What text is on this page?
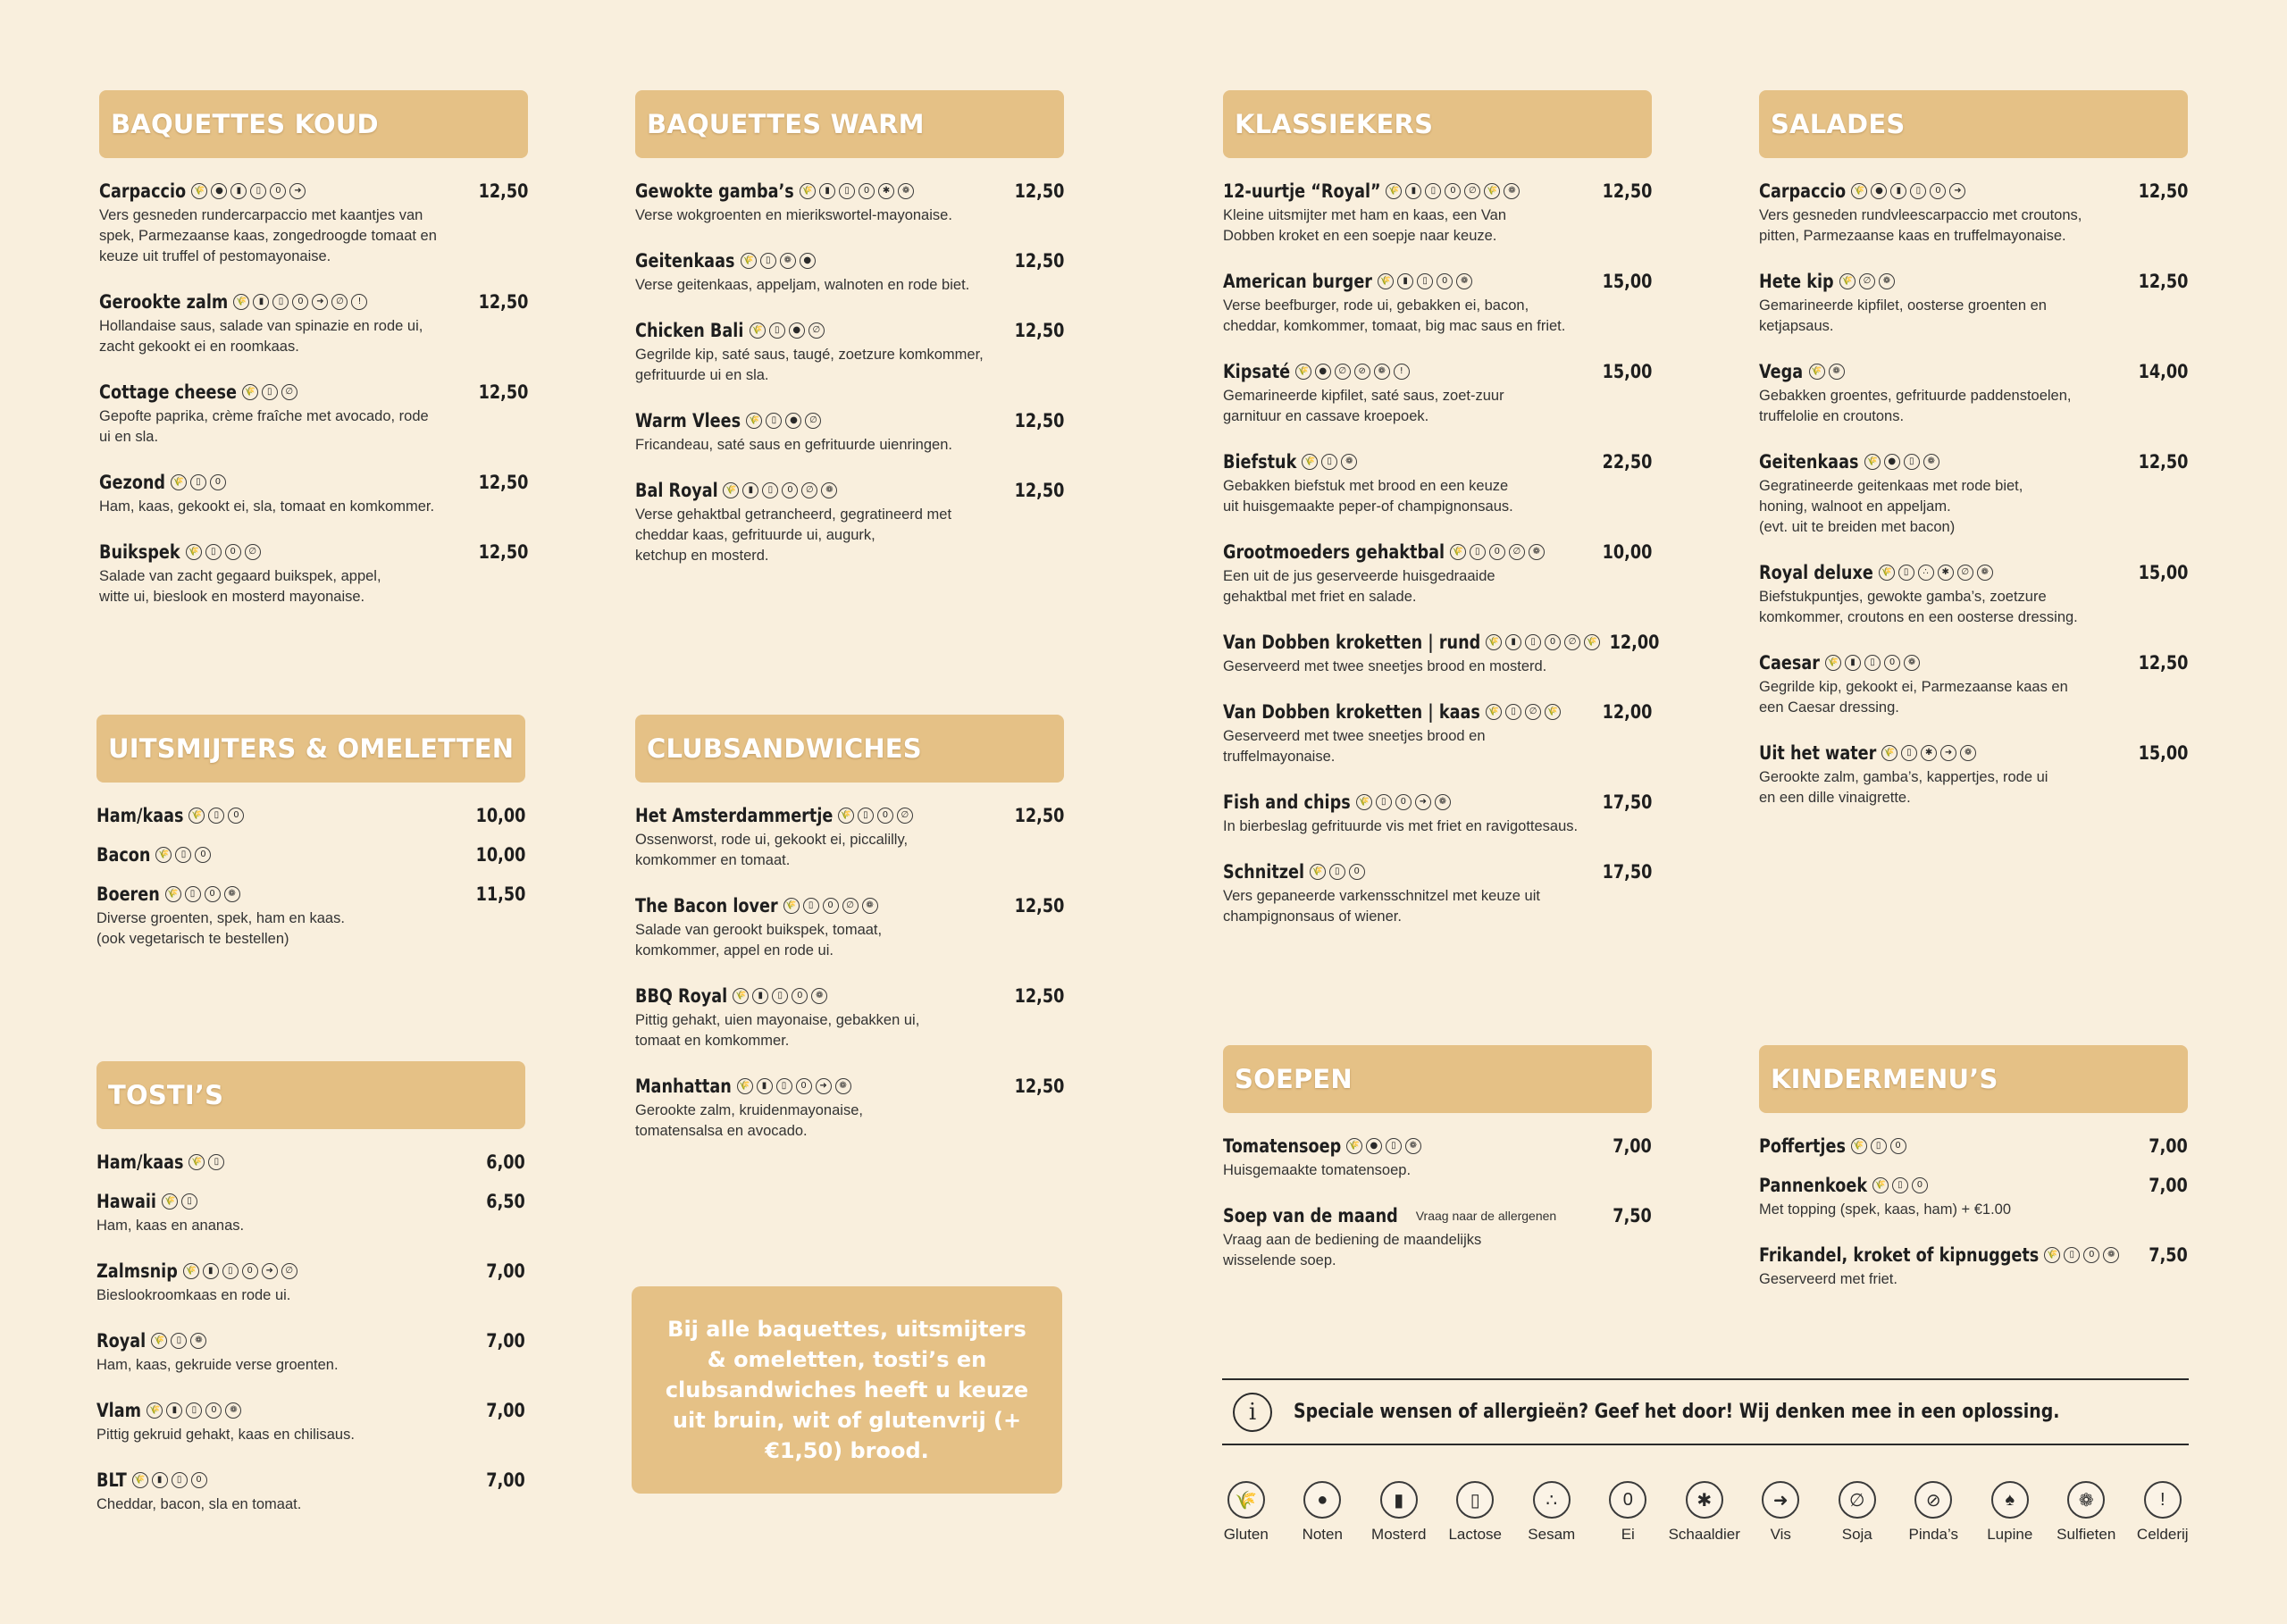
BAQUETTES KOUD
Carpaccio 🌾	●	▮	▯	0	➜	12,50
Vers gesneden rundercarpaccio met kaantjes van
spek, Parmezaanse kaas, zongedroogde tomaat en
keuze uit truffel of pestomayonaise.
Gerookte zalm 🌾	▮	▯	0	➜	∅	!	12,50
Hollandaise saus, salade van spinazie en rode ui,
zacht gekookt ei en roomkaas.
Cottage cheese 🌾	▯	∅	12,50
Gepofte paprika, crème fraîche met avocado, rode
ui en sla.
Gezond 🌾	▯	0	12,50
Ham, kaas, gekookt ei, sla, tomaat en komkommer.
Buikspek 🌾	▯	0	∅	12,50
Salade van zacht gegaard buikspek, appel,
witte ui, bieslook en mosterd mayonaise.
UITSMIJTERS & OMELETTEN
Ham/kaas 🌾	▯	0	10,00
Bacon 🌾	▯	0	10,00
Boeren 🌾	▯	0	❁	11,50
Diverse groenten, spek, ham en kaas.
(ook vegetarisch te bestellen)
TOSTI’S
Ham/kaas 🌾	▯	6,00
Hawaii 🌾	▯	6,50
Ham, kaas en ananas.
Zalmsnip 🌾	▮	▯	0	➜	∅	7,00
Bieslookroomkaas en rode ui.
Royal 🌾	▯	❁	7,00
Ham, kaas, gekruide verse groenten.
Vlam 🌾	▮	▯	0	❁	7,00
Pittig gekruid gehakt, kaas en chilisaus.
BLT 🌾	▮	▯	0	7,00
Cheddar, bacon, sla en tomaat.
BAQUETTES WARM
Gewokte gamba’s 🌾	▮	▯	0	✱	❁	12,50
Verse wokgroenten en mierikswortel-mayonaise.
Geitenkaas 🌾	▯	❁	●	12,50
Verse geitenkaas, appeljam, walnoten en rode biet.
Chicken Bali 🌾	▯	●	∅	12,50
Gegrilde kip, saté saus, taugé, zoetzure komkommer,
gefrituurde ui en sla.
Warm Vlees 🌾	▯	●	∅	12,50
Fricandeau, saté saus en gefrituurde uienringen.
Bal Royal 🌾	▮	▯	0	∅	❁	12,50
Verse gehaktbal getrancheerd, gegratineerd met
cheddar kaas, gefrituurde ui, augurk,
ketchup en mosterd.
CLUBSANDWICHES
Het Amsterdammertje 🌾	▯	0	∅	12,50
Ossenworst, rode ui, gekookt ei, piccalilly,
komkommer en tomaat.
The Bacon lover 🌾	▯	0	∅	❁	12,50
Salade van gerookt buikspek, tomaat,
komkommer, appel en rode ui.
BBQ Royal 🌾	▮	▯	0	❁	12,50
Pittig gehakt, uien mayonaise, gebakken ui,
tomaat en komkommer.
Manhattan 🌾	▮	▯	0	➜	❁	12,50
Gerookte zalm, kruidenmayonaise,
tomatensalsa en avocado.
KLASSIEKERS
12-uurtje “Royal” 🌾	▮	▯	0	∅	🌾	❁	12,50
Kleine uitsmijter met ham en kaas, een Van
Dobben kroket en een soepje naar keuze.
American burger 🌾	▮	▯	0	❁	15,00
Verse beefburger, rode ui, gebakken ei, bacon,
cheddar, komkommer, tomaat, big mac saus en friet.
Kipsaté 🌾	●	∅	⊘	❁	!	15,00
Gemarineerde kipfilet, saté saus, zoet-zuur
garnituur en cassave kroepoek.
Biefstuk 🌾	▯	❁	22,50
Gebakken biefstuk met brood en een keuze
uit huisgemaakte peper-of champignonsaus.
Grootmoeders gehaktbal 🌾	▯	0	∅	❁	10,00
Een uit de jus geserveerde huisgedraaide
gehaktbal met friet en salade.
Van Dobben kroketten | rund 🌾	▮	▯	0	∅	🌾 12,00
Geserveerd met twee sneetjes brood en mosterd.
Van Dobben kroketten | kaas 🌾	▯	∅	🌾 12,00
Geserveerd met twee sneetjes brood en truffelmayonaise.
Fish and chips 🌾	▯	0	➜	❁	17,50
In bierbeslag gefrituurde vis met friet en ravigottesaus.
Schnitzel 🌾	▯	0	17,50
Vers gepaneerde varkensschnitzel met keuze uit
champignonsaus of wiener.
SOEPEN
Tomatensoep 🌾	●	▯	❁	7,00
Huisgemaakte tomatensoep.
Soep van de maand Vraag naar de allergenen	7,50
Vraag aan de bediening de maandelijks
wisselende soep.
SALADES
Carpaccio 🌾	●	▮	▯	0	➜	12,50
Vers gesneden rundvleescarpaccio met croutons,
pitten, Parmezaanse kaas en truffelmayonaise.
Hete kip 🌾	∅	❁	12,50
Gemarineerde kipfilet, oosterse groenten en
ketjapsaus.
Vega 🌾	❁	14,00
Gebakken groentes, gefrituurde paddenstoelen,
truffelolie en croutons.
Geitenkaas 🌾	●	▯	❁	12,50
Gegratineerde geitenkaas met rode biet,
honing, walnoot en appeljam.
(evt. uit te breiden met bacon)
Royal deluxe 🌾	▯	∴	✱	∅	❁	15,00
Biefstukpuntjes, gewokte gamba’s, zoetzure
komkommer, croutons en een oosterse dressing.
Caesar 🌾	▮	▯	0	❁	12,50
Gegrilde kip, gekookt ei, Parmezaanse kaas en
een Caesar dressing.
Uit het water 🌾	▯	✱	➜	❁	15,00
Gerookte zalm, gamba’s, kappertjes, rode ui
en een dille vinaigrette.
KINDERMENU’S
Poffertjes 🌾	▯	0	7,00
Pannenkoek 🌾	▯	0	7,00
Met topping (spek, kaas, ham) + €1.00
Frikandel, kroket of kipnuggets 🌾	▯	0	❁ 7,50
Geserveerd met friet.
Bij alle baquettes, uitsmijters & omeletten, tosti’s en clubsandwiches heeft u keuze uit bruin, wit of glutenvrij (+ €1,50) brood.
i	Speciale wensen of allergieën? Geef het door! Wij denken mee in een oplossing.
🌾
Gluten
●
Noten
▮
Mosterd
▯
Lactose
∴
Sesam
0
Ei
✱
Schaaldier
➜
Vis
∅
Soja
⊘
Pinda’s
♠
Lupine
❁
Sulfieten
!
Celderij
